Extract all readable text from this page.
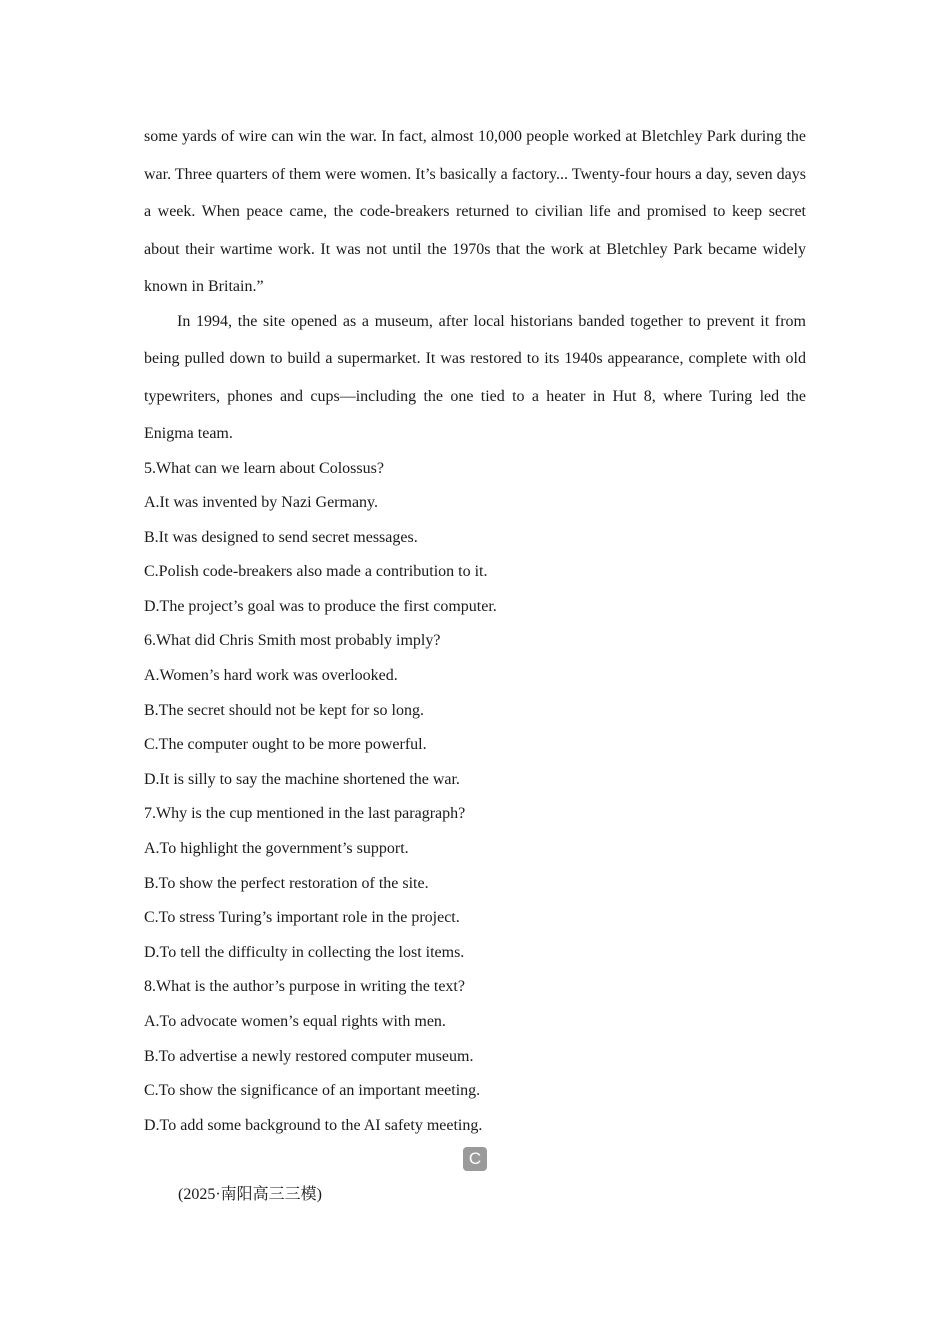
some yards of wire can win the war. In fact, almost 10,000 people worked at Bletchley Park during the war. Three quarters of them were women. It’s basically a factory... Twenty-four hours a day, seven days a week. When peace came, the code-breakers returned to civilian life and promised to keep secret about their wartime work. It was not until the 1970s that the work at Bletchley Park became widely known in Britain.”

In 1994, the site opened as a museum, after local historians banded together to prevent it from being pulled down to build a supermarket. It was restored to its 1940s appearance, complete with old typewriters, phones and cups—including the one tied to a heater in Hut 8, where Turing led the Enigma team.

5.What can we learn about Colossus?

A.It was invented by Nazi Germany.

B.It was designed to send secret messages.

C.Polish code-breakers also made a contribution to it.

D.The project’s goal was to produce the first computer.

6.What did Chris Smith most probably imply?

A.Women’s hard work was overlooked.

B.The secret should not be kept for so long.

C.The computer ought to be more powerful.

D.It is silly to say the machine shortened the war.

7.Why is the cup mentioned in the last paragraph?

A.To highlight the government’s support.

B.To show the perfect restoration of the site.

C.To stress Turing’s important role in the project.

D.To tell the difficulty in collecting the lost items.

8.What is the author’s purpose in writing the text?

A.To advocate women’s equal rights with men.

B.To advertise a newly restored computer museum.

C.To show the significance of an important meeting.

D.To add some background to the AI safety meeting.

C
(2025·南阳高三三模)
